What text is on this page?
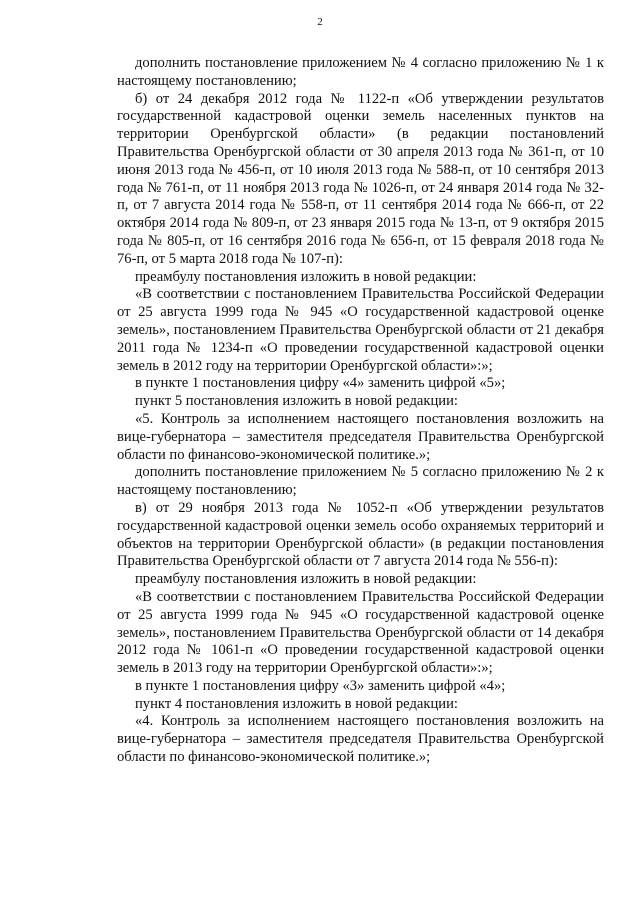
2

дополнить постановление приложением № 4 согласно приложению № 1 к настоящему постановлению;

б) от 24 декабря 2012 года № 1122-п «Об утверждении результатов государственной кадастровой оценки земель населенных пунктов на территории Оренбургской области» (в редакции постановлений Правительства Оренбургской области от 30 апреля 2013 года № 361-п, от 10 июня 2013 года № 456-п, от 10 июля 2013 года № 588-п, от 10 сентября 2013 года № 761-п, от 11 ноября 2013 года № 1026-п, от 24 января 2014 года № 32-п, от 7 августа 2014 года № 558-п, от 11 сентября 2014 года № 666-п, от 22 октября 2014 года № 809-п, от 23 января 2015 года № 13-п, от 9 октября 2015 года № 805-п, от 16 сентября 2016 года № 656-п, от 15 февраля 2018 года № 76-п, от 5 марта 2018 года № 107-п):

преамбулу постановления изложить в новой редакции:

«В соответствии с постановлением Правительства Российской Федерации от 25 августа 1999 года № 945 «О государственной кадастровой оценке земель», постановлением Правительства Оренбургской области от 21 декабря 2011 года № 1234-п «О проведении государственной кадастровой оценки земель в 2012 году на территории Оренбургской области»:»;

в пункте 1 постановления цифру «4» заменить цифрой «5»;

пункт 5 постановления изложить в новой редакции:

«5. Контроль за исполнением настоящего постановления возложить на вице-губернатора – заместителя председателя Правительства Оренбургской области по финансово-экономической политике.»;

дополнить постановление приложением № 5 согласно приложению № 2 к настоящему постановлению;

в) от 29 ноября 2013 года № 1052-п «Об утверждении результатов государственной кадастровой оценки земель особо охраняемых территорий и объектов на территории Оренбургской области» (в редакции постановления Правительства Оренбургской области от 7 августа 2014 года № 556-п):

преамбулу постановления изложить в новой редакции:

«В соответствии с постановлением Правительства Российской Федерации от 25 августа 1999 года № 945 «О государственной кадастровой оценке земель», постановлением Правительства Оренбургской области от 14 декабря 2012 года № 1061-п «О проведении государственной кадастровой оценки земель в 2013 году на территории Оренбургской области»:»;

в пункте 1 постановления цифру «3» заменить цифрой «4»;

пункт 4 постановления изложить в новой редакции:

«4. Контроль за исполнением настоящего постановления возложить на вице-губернатора – заместителя председателя Правительства Оренбургской области по финансово-экономической политике.»;
